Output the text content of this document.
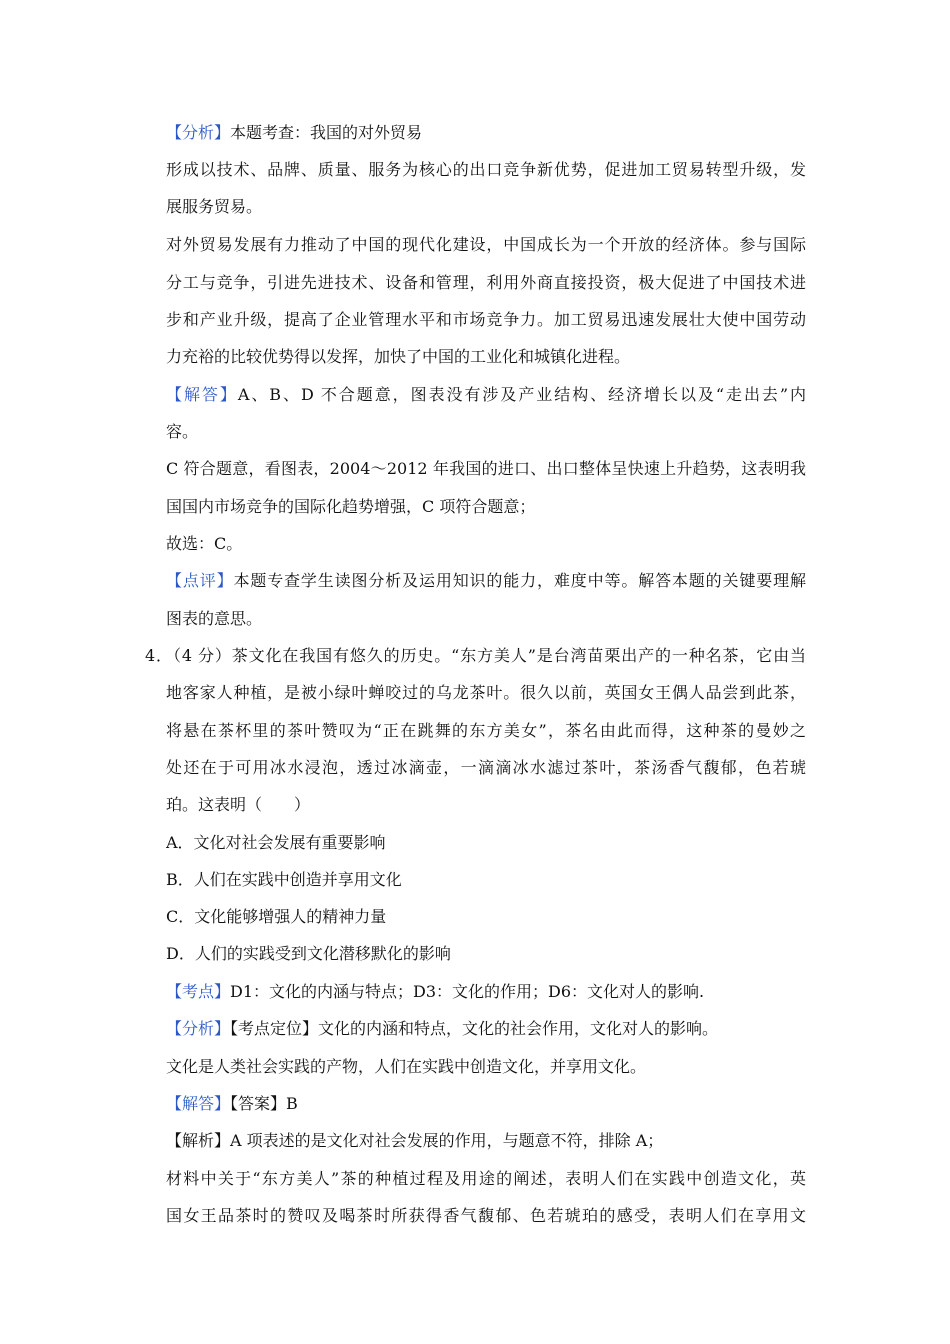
【分析】本题考查：我国的对外贸易
形成以技术、品牌、质量、服务为核心的出口竞争新优势，促进加工贸易转型升级，发
展服务贸易。
对外贸易发展有力推动了中国的现代化建设，中国成长为一个开放的经济体。参与国际
分工与竞争，引进先进技术、设备和管理，利用外商直接投资，极大促进了中国技术进
步和产业升级，提高了企业管理水平和市场竞争力。加工贸易迅速发展壮大使中国劳动
力充裕的比较优势得以发挥，加快了中国的工业化和城镇化进程。
【解答】A、B、D 不合题意，图表没有涉及产业结构、经济增长以及“走出去”内
容。
C 符合题意，看图表，2004～2012 年我国的进口、出口整体呈快速上升趋势，这表明我
国国内市场竞争的国际化趋势增强，C 项符合题意；
故选：C。
【点评】本题专查学生读图分析及运用知识的能力，难度中等。解答本题的关键要理解
图表的意思。
4．（4 分）茶文化在我国有悠久的历史。“东方美人”是台湾苗栗出产的一种名茶，它由当
地客家人种植，是被小绿叶蝉咬过的乌龙茶叶。很久以前，英国女王偶人品尝到此茶，
将悬在茶杯里的茶叶赞叹为“正在跳舞的东方美女”，茶名由此而得，这种茶的曼妙之
处还在于可用冰水浸泡，透过冰滴壶，一滴滴冰水滤过茶叶，茶汤香气馥郁，色若琥
珀。这表明（　　）
A．文化对社会发展有重要影响
B．人们在实践中创造并享用文化
C．文化能够增强人的精神力量
D．人们的实践受到文化潜移默化的影响
【考点】D1：文化的内涵与特点；D3：文化的作用；D6：文化对人的影响.
【分析】【考点定位】文化的内涵和特点，文化的社会作用，文化对人的影响。
文化是人类社会实践的产物，人们在实践中创造文化，并享用文化。
【解答】【答案】B
【解析】A 项表述的是文化对社会发展的作用，与题意不符，排除 A；
材料中关于“东方美人”茶的种植过程及用途的阐述，表明人们在实践中创造文化，英
国女王品茶时的赞叹及喝茶时所获得香气馥郁、色若琥珀的感受，表明人们在享用文
